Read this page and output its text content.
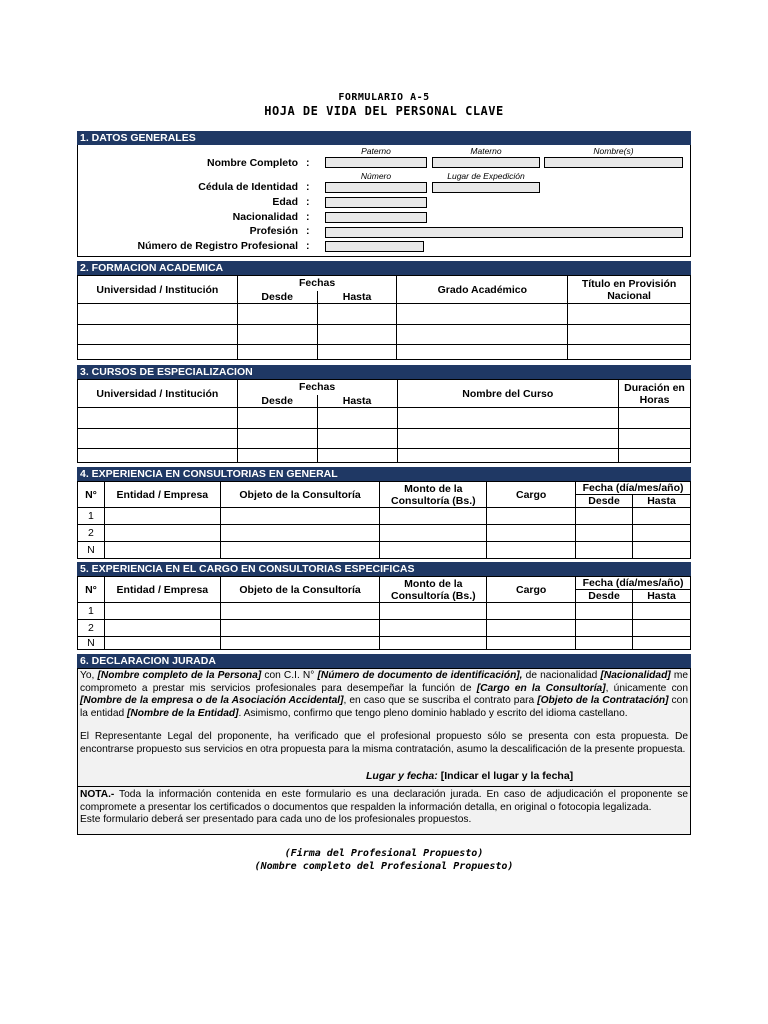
FORMULARIO A-5
HOJA DE VIDA DEL PERSONAL CLAVE
1. DATOS GENERALES
Paterno	Materno	Nombre(s)
Nombre Completo :
Número	Lugar de Expedición
Cédula de Identidad :
Edad :
Nacionalidad :
Profesión :
Número de Registro Profesional :
2. FORMACION ACADEMICA
Universidad / Institución	Fechas		Grado Académico	Título en Provisión Nacional
	Desde	Hasta		

3. CURSOS DE ESPECIALIZACION
Universidad / Institución	Fechas		Nombre del Curso	Duración en Horas
	Desde	Hasta		

4. EXPERIENCIA EN CONSULTORIAS EN GENERAL
N°	Entidad / Empresa	Objeto de la Consultoría	Monto de la Consultoría (Bs.)	Cargo	Fecha (día/mes/año)	
					Desde	Hasta
1						
2						
N						
5. EXPERIENCIA EN EL CARGO EN CONSULTORIAS ESPECIFICAS
N°	Entidad / Empresa	Objeto de la Consultoría	Monto de la Consultoría (Bs.)	Cargo	Fecha (día/mes/año)	
					Desde	Hasta
1						
2						
N						
6. DECLARACION JURADA

Yo, [Nombre completo de la Persona] con C.I. N° [Número de documento de identificación], de nacionalidad [Nacionalidad] me comprometo a prestar mis servicios profesionales para desempeñar la función de [Cargo en la Consultoría], únicamente con [Nombre de la empresa o de la Asociación Accidental], en caso que se suscriba el contrato para [Objeto de la Contratación] con la entidad [Nombre de la Entidad]. Asimismo, confirmo que tengo pleno dominio hablado y escrito del idioma castellano.

El Representante Legal del proponente, ha verificado que el profesional propuesto sólo se presenta con esta propuesta. De encontrarse propuesto sus servicios en otra propuesta para la misma contratación, asumo la descalificación de la presente propuesta.

Lugar y fecha: [Indicar el lugar y la fecha]

NOTA.- Toda la información contenida en este formulario es una declaración jurada. En caso de adjudicación el proponente se compromete a presentar los certificados o documentos que respalden la información detalla, en original o fotocopia legalizada.

Este formulario deberá ser presentado para cada uno de los profesionales propuestos.

(Firma del Profesional Propuesto)
(Nombre completo del Profesional Propuesto)
